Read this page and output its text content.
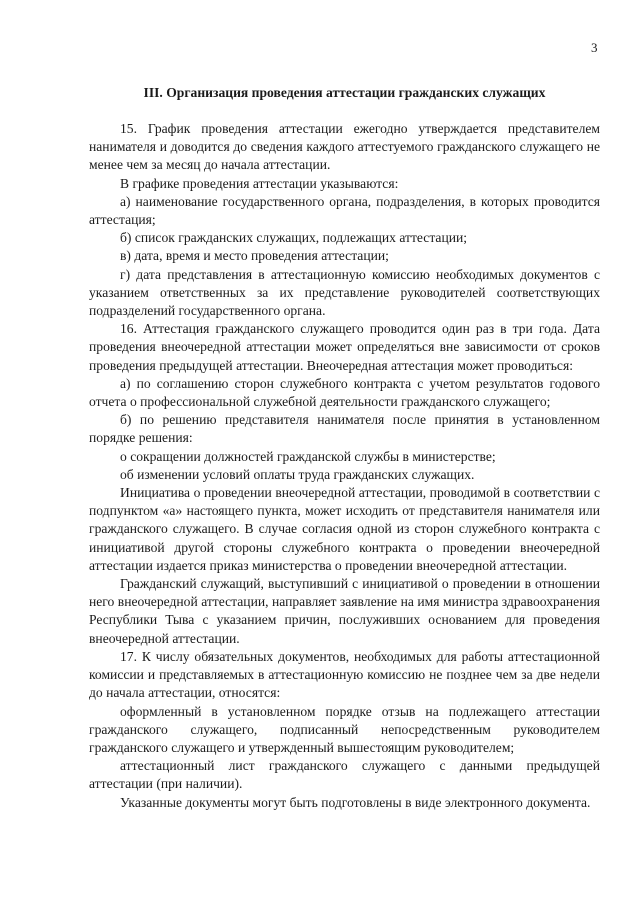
3
III. Организация проведения аттестации гражданских служащих

15. График проведения аттестации ежегодно утверждается представителем нанимателя и доводится до сведения каждого аттестуемого гражданского служащего не менее чем за месяц до начала аттестации.

В графике проведения аттестации указываются:

а) наименование государственного органа, подразделения, в которых проводится аттестация;

б) список гражданских служащих, подлежащих аттестации;

в) дата, время и место проведения аттестации;

г) дата представления в аттестационную комиссию необходимых документов с указанием ответственных за их представление руководителей соответствующих подразделений государственного органа.

16. Аттестация гражданского служащего проводится один раз в три года. Дата проведения внеочередной аттестации может определяться вне зависимости от сроков проведения предыдущей аттестации. Внеочередная аттестация может проводиться:

а) по соглашению сторон служебного контракта с учетом результатов годового отчета о профессиональной служебной деятельности гражданского служащего;

б) по решению представителя нанимателя после принятия в установленном порядке решения:

о сокращении должностей гражданской службы в министерстве;

об изменении условий оплаты труда гражданских служащих.

Инициатива о проведении внеочередной аттестации, проводимой в соответствии с подпунктом «а» настоящего пункта, может исходить от представителя нанимателя или гражданского служащего. В случае согласия одной из сторон служебного контракта с инициативой другой стороны служебного контракта о проведении внеочередной аттестации издается приказ министерства о проведении внеочередной аттестации.

Гражданский служащий, выступивший с инициативой о проведении в отношении него внеочередной аттестации, направляет заявление на имя министра здравоохранения Республики Тыва с указанием причин, послуживших основанием для проведения внеочередной аттестации.

17. К числу обязательных документов, необходимых для работы аттестационной комиссии и представляемых в аттестационную комиссию не позднее чем за две недели до начала аттестации, относятся:

оформленный в установленном порядке отзыв на подлежащего аттестации гражданского служащего, подписанный непосредственным руководителем гражданского служащего и утвержденный вышестоящим руководителем;

аттестационный лист гражданского служащего с данными предыдущей аттестации (при наличии).

Указанные документы могут быть подготовлены в виде электронного документа.
